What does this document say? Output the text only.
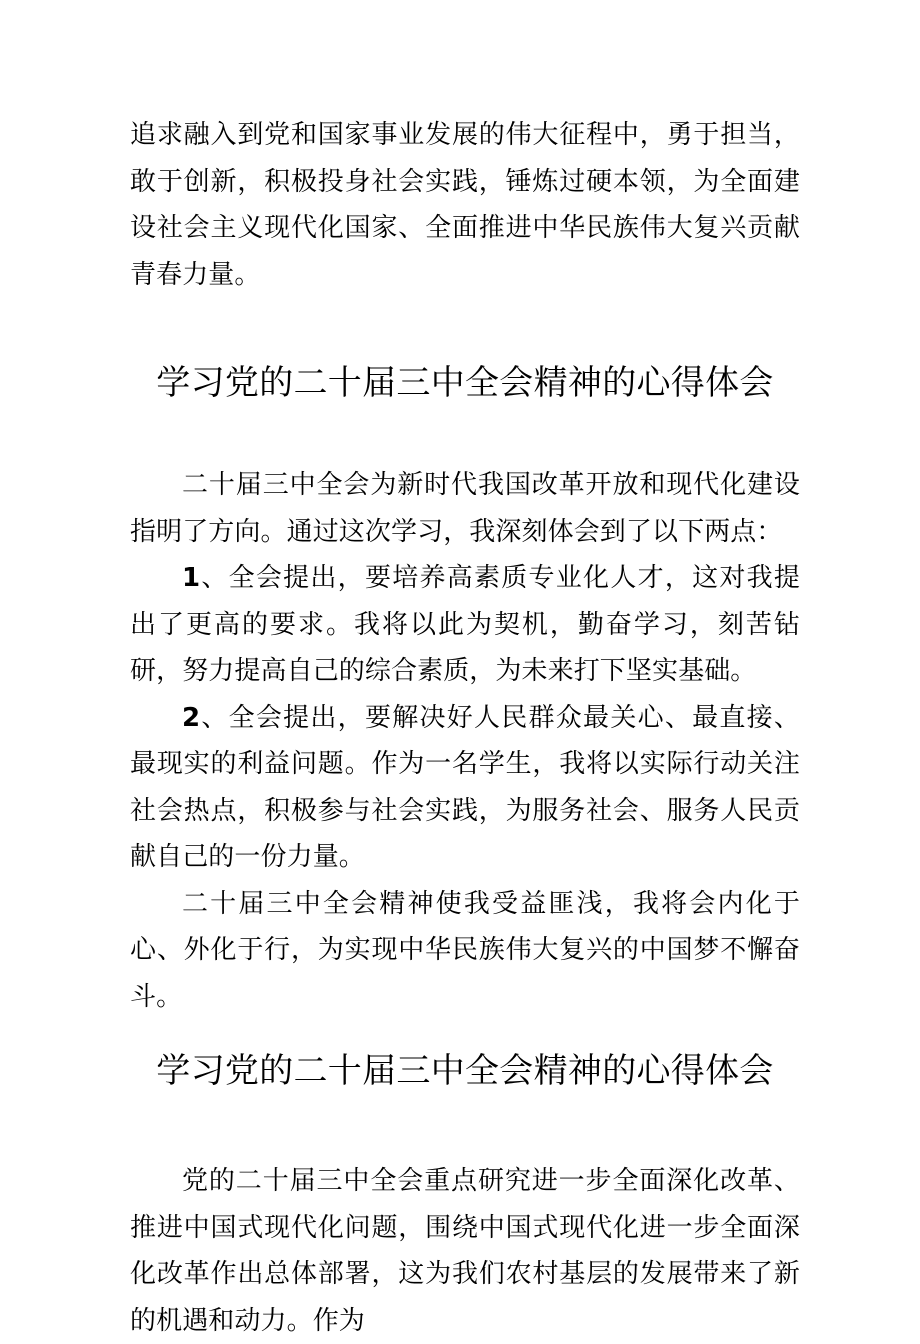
追求融入到党和国家事业发展的伟大征程中，勇于担当，敢于创新，积极投身社会实践，锤炼过硬本领，为全面建设社会主义现代化国家、全面推进中华民族伟大复兴贡献青春力量。

学习党的二十届三中全会精神的心得体会

二十届三中全会为新时代我国改革开放和现代化建设指明了方向。通过这次学习，我深刻体会到了以下两点：

1、全会提出，要培养高素质专业化人才，这对我提出了更高的要求。我将以此为契机，勤奋学习，刻苦钻研，努力提高自己的综合素质，为未来打下坚实基础。

2、全会提出，要解决好人民群众最关心、最直接、最现实的利益问题。作为一名学生，我将以实际行动关注社会热点，积极参与社会实践，为服务社会、服务人民贡献自己的一份力量。

二十届三中全会精神使我受益匪浅，我将会内化于心、外化于行，为实现中华民族伟大复兴的中国梦不懈奋斗。

学习党的二十届三中全会精神的心得体会

党的二十届三中全会重点研究进一步全面深化改革、推进中国式现代化问题，围绕中国式现代化进一步全面深化改革作出总体部署，这为我们农村基层的发展带来了新的机遇和动力。作为
